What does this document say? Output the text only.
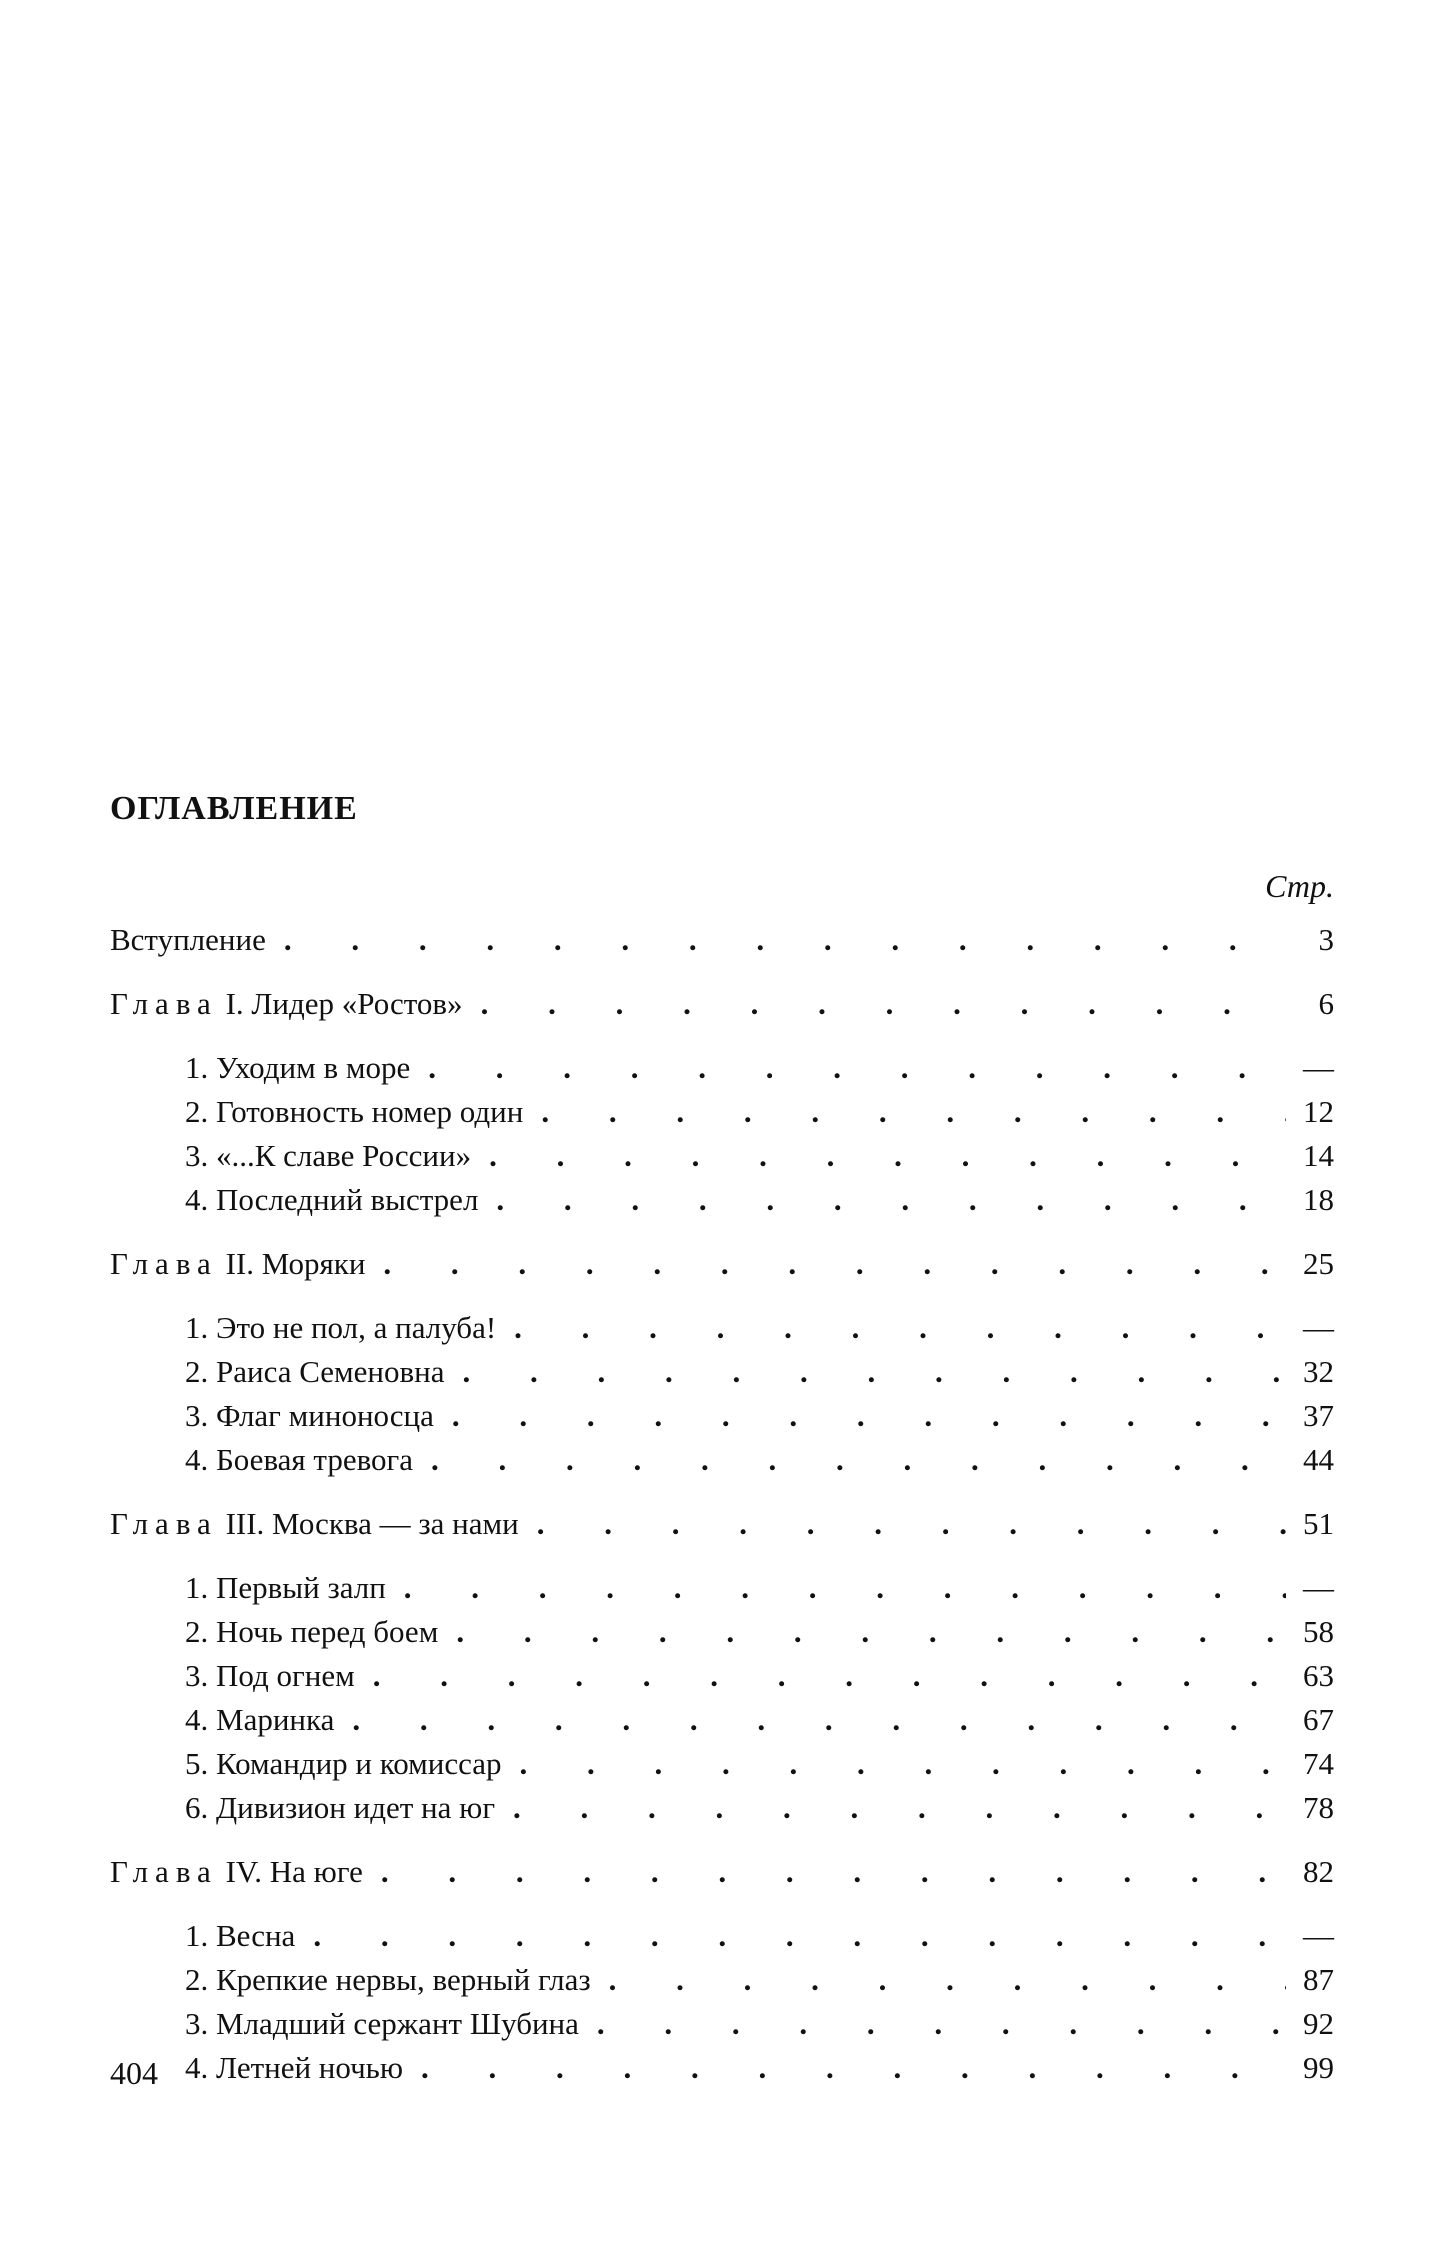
ОГЛАВЛЕНИЕ
Стр.
Вступление . . .	3
Глава I. Лидер «Ростов» . . .	6
1. Уходим в море . . .	—
2. Готовность номер один . . .	12
3. «...К славе России» . . .	14
4. Последний выстрел . . .	18
Глава II. Моряки . . .	25
1. Это не пол, а палуба! . . .	—
2. Раиса Семеновна . . .	32
3. Флаг миноносца . . .	37
4. Боевая тревога . . .	44
Глава III. Москва — за нами . . .	51
1. Первый залп . . .	—
2. Ночь перед боем . . .	58
3. Под огнем . . .	63
4. Маринка . . .	67
5. Командир и комиссар . . .	74
6. Дивизион идет на юг . . .	78
Глава IV. На юге . . .	82
1. Весна . . .	—
2. Крепкие нервы, верный глаз . . .	87
3. Младший сержант Шубина . . .	92
4. Летней ночью . . .	99
404
